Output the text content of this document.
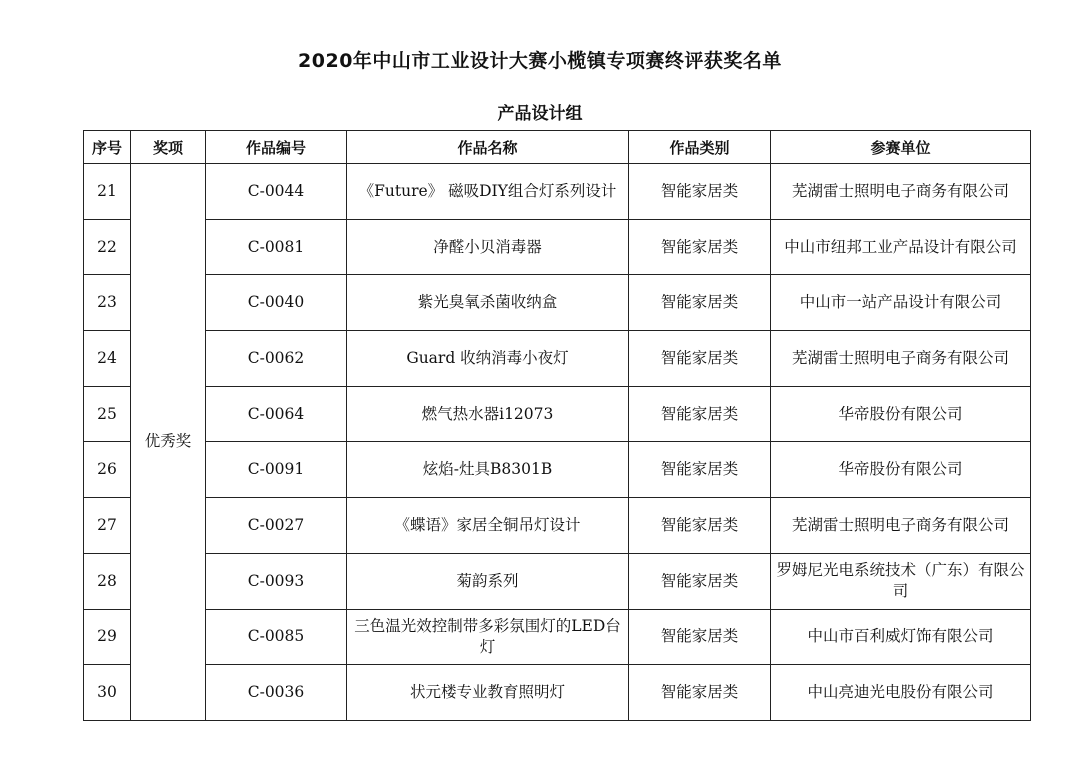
2020年中山市工业设计大赛小榄镇专项赛终评获奖名单
产品设计组
序号	奖项	作品编号	作品名称	作品类别	参赛单位
21	优秀奖	C-0044	《Future》 磁吸DIY组合灯系列设计	智能家居类	芜湖雷士照明电子商务有限公司
22		C-0081	净醛小贝消毒器	智能家居类	中山市纽邦工业产品设计有限公司
23		C-0040	紫光臭氧杀菌收纳盒	智能家居类	中山市一站产品设计有限公司
24		C-0062	Guard 收纳消毒小夜灯	智能家居类	芜湖雷士照明电子商务有限公司
25		C-0064	燃气热水器i12073	智能家居类	华帝股份有限公司
26		C-0091	炫焰-灶具B8301B	智能家居类	华帝股份有限公司
27		C-0027	《蝶语》家居全铜吊灯设计	智能家居类	芜湖雷士照明电子商务有限公司
28		C-0093	菊韵系列	智能家居类	罗姆尼光电系统技术（广东）有限公司
29		C-0085	三色温光效控制带多彩氛围灯的LED台灯	智能家居类	中山市百利威灯饰有限公司
30		C-0036	状元楼专业教育照明灯	智能家居类	中山亮迪光电股份有限公司
